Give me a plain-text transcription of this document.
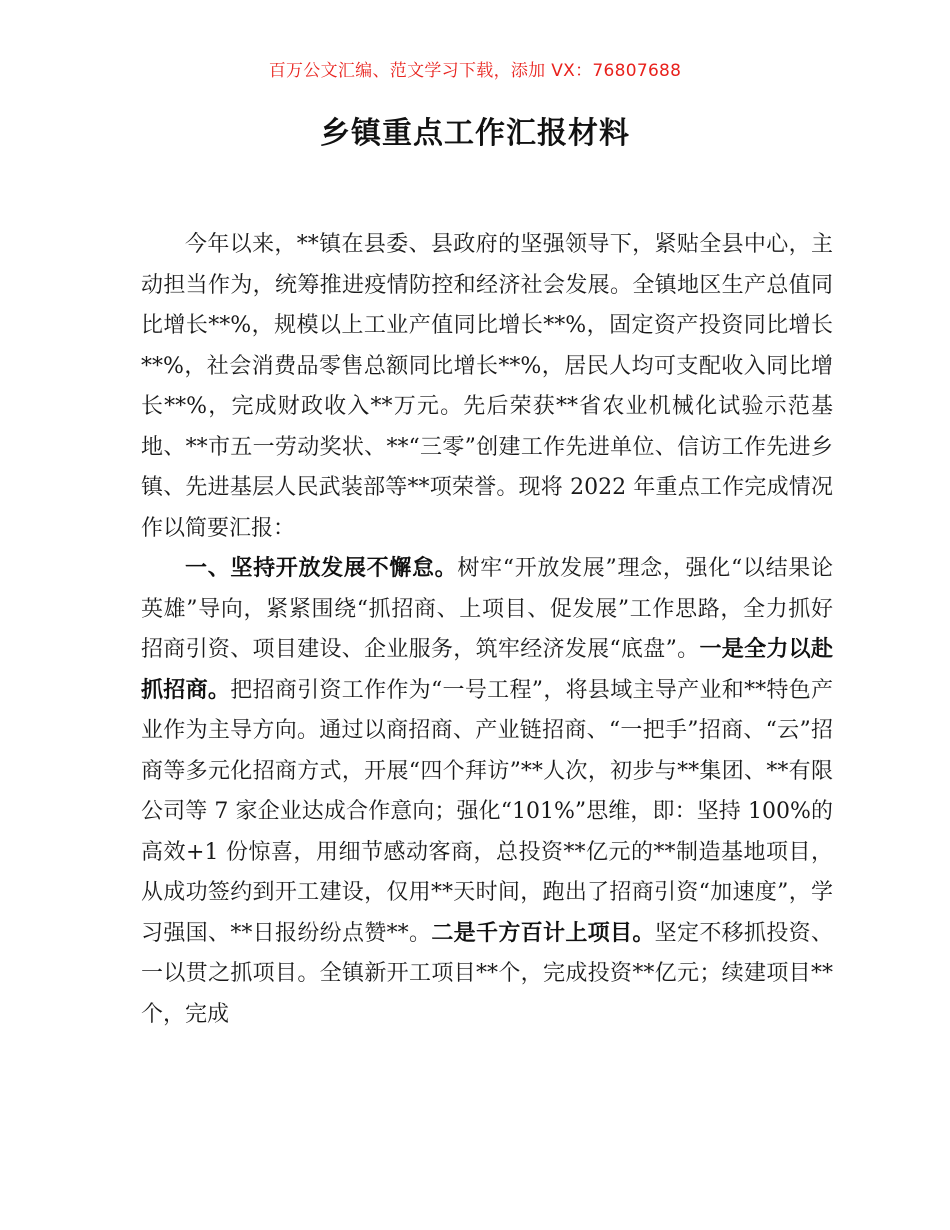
百万公文汇编、范文学习下载，添加 VX：76807688
乡镇重点工作汇报材料

今年以来，**镇在县委、县政府的坚强领导下，紧贴全县中心，主动担当作为，统筹推进疫情防控和经济社会发展。全镇地区生产总值同比增长**%，规模以上工业产值同比增长**%，固定资产投资同比增长**%，社会消费品零售总额同比增长**%，居民人均可支配收入同比增长**%，完成财政收入**万元。先后荣获**省农业机械化试验示范基地、**市五一劳动奖状、**“三零”创建工作先进单位、信访工作先进乡镇、先进基层人民武装部等**项荣誉。现将 2022 年重点工作完成情况作以简要汇报：

一、坚持开放发展不懈怠。树牢“开放发展”理念，强化“以结果论英雄”导向，紧紧围绕“抓招商、上项目、促发展”工作思路，全力抓好招商引资、项目建设、企业服务，筑牢经济发展“底盘”。一是全力以赴抓招商。把招商引资工作作为“一号工程”，将县域主导产业和**特色产业作为主导方向。通过以商招商、产业链招商、“一把手”招商、“云”招商等多元化招商方式，开展“四个拜访”**人次，初步与**集团、**有限公司等 7 家企业达成合作意向；强化“101%”思维，即：坚持 100%的高效+1 份惊喜，用细节感动客商，总投资**亿元的**制造基地项目，从成功签约到开工建设，仅用**天时间，跑出了招商引资“加速度”，学习强国、**日报纷纷点赞**。二是千方百计上项目。坚定不移抓投资、一以贯之抓项目。全镇新开工项目**个，完成投资**亿元；续建项目**个，完成
